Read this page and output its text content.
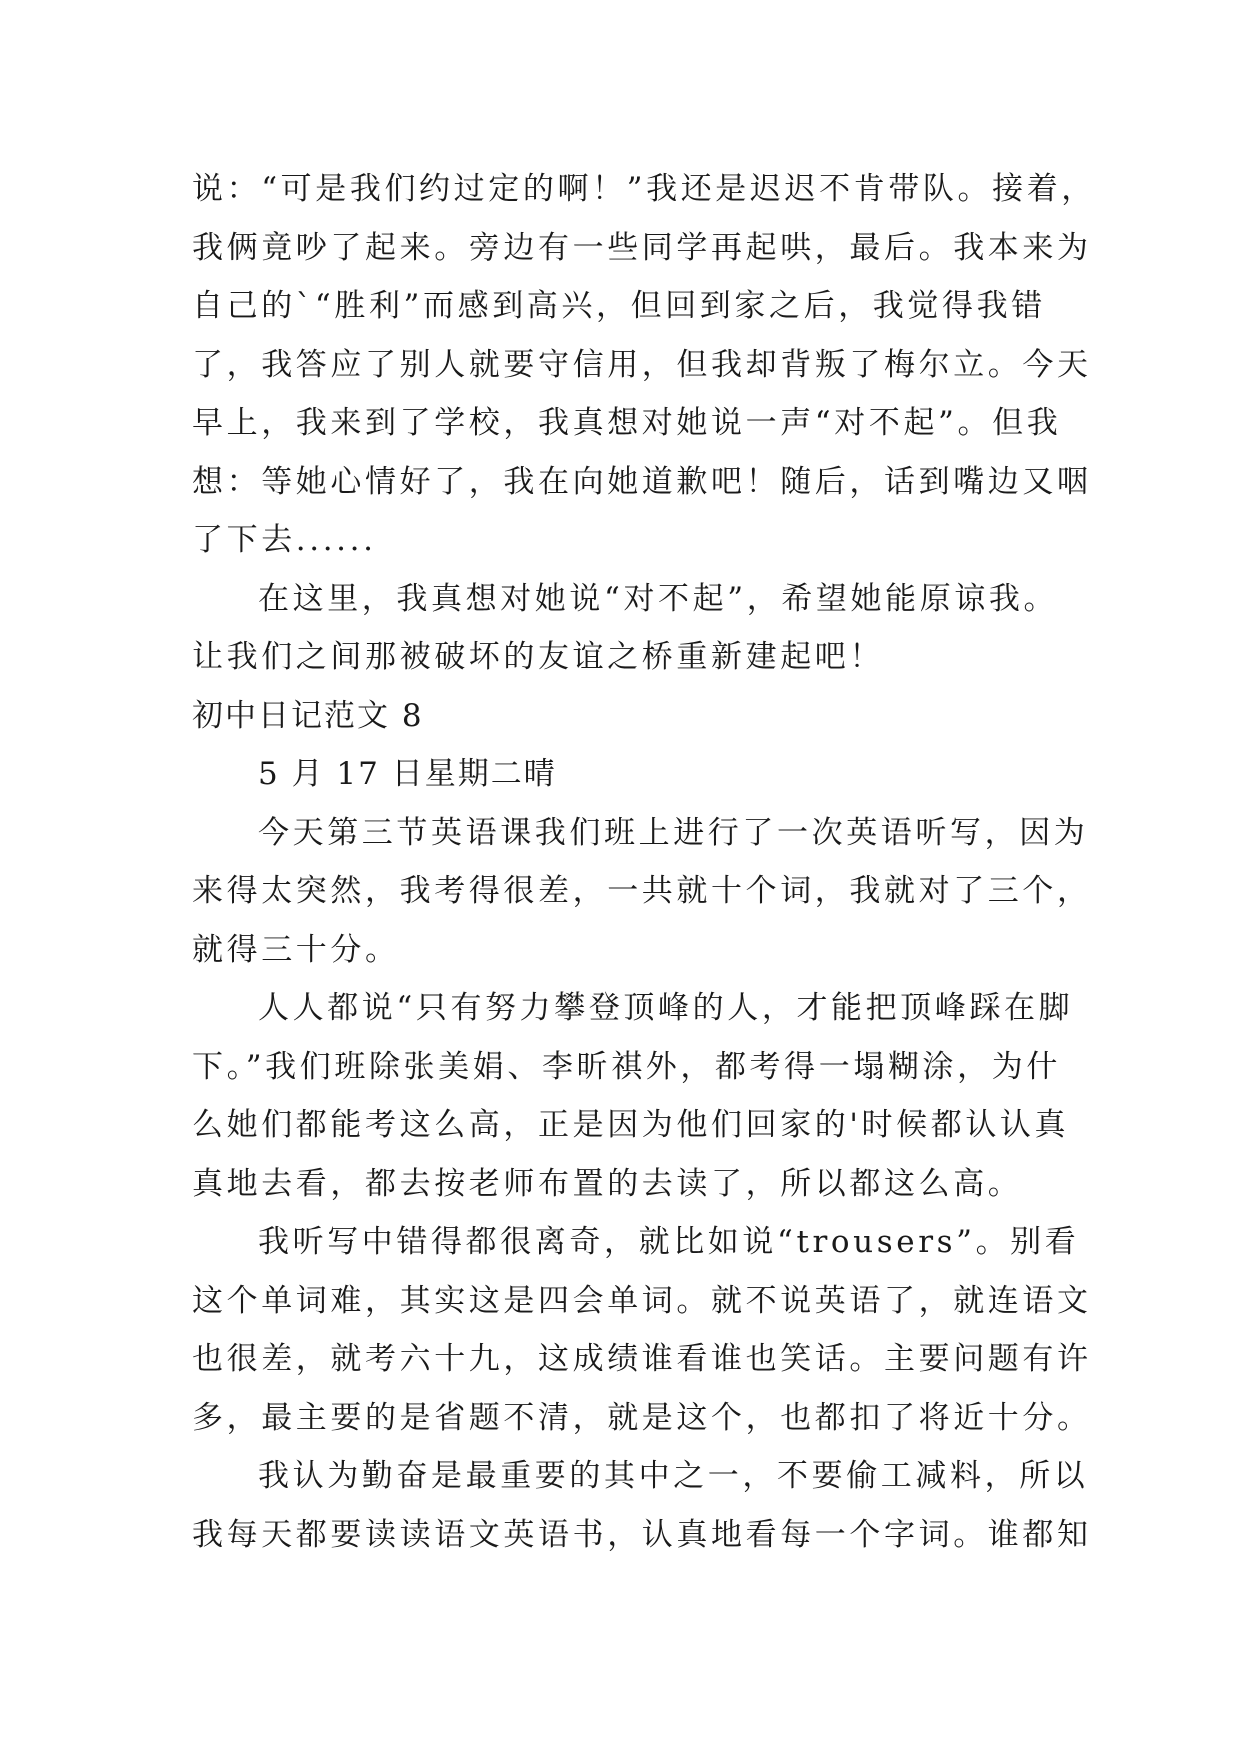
说：“可是我们约过定的啊！”我还是迟迟不肯带队。接着，
我俩竟吵了起来。旁边有一些同学再起哄，最后。我本来为
自己的`“胜利”而感到高兴，但回到家之后，我觉得我错
了，我答应了别人就要守信用，但我却背叛了梅尔立。今天
早上，我来到了学校，我真想对她说一声“对不起”。但我
想：等她心情好了，我在向她道歉吧！随后，话到嘴边又咽
了下去......
在这里，我真想对她说“对不起”，希望她能原谅我。
让我们之间那被破坏的友谊之桥重新建起吧！
初中日记范文 8
5 月 17 日星期二晴
今天第三节英语课我们班上进行了一次英语听写，因为
来得太突然，我考得很差，一共就十个词，我就对了三个，
就得三十分。
人人都说“只有努力攀登顶峰的人，才能把顶峰踩在脚
下。”我们班除张美娟、李昕祺外，都考得一塌糊涂，为什
么她们都能考这么高，正是因为他们回家的'时候都认认真
真地去看，都去按老师布置的去读了，所以都这么高。
我听写中错得都很离奇，就比如说“trousers”。别看
这个单词难，其实这是四会单词。就不说英语了，就连语文
也很差，就考六十九，这成绩谁看谁也笑话。主要问题有许
多，最主要的是省题不清，就是这个，也都扣了将近十分。
我认为勤奋是最重要的其中之一，不要偷工减料，所以
我每天都要读读语文英语书，认真地看每一个字词。谁都知
